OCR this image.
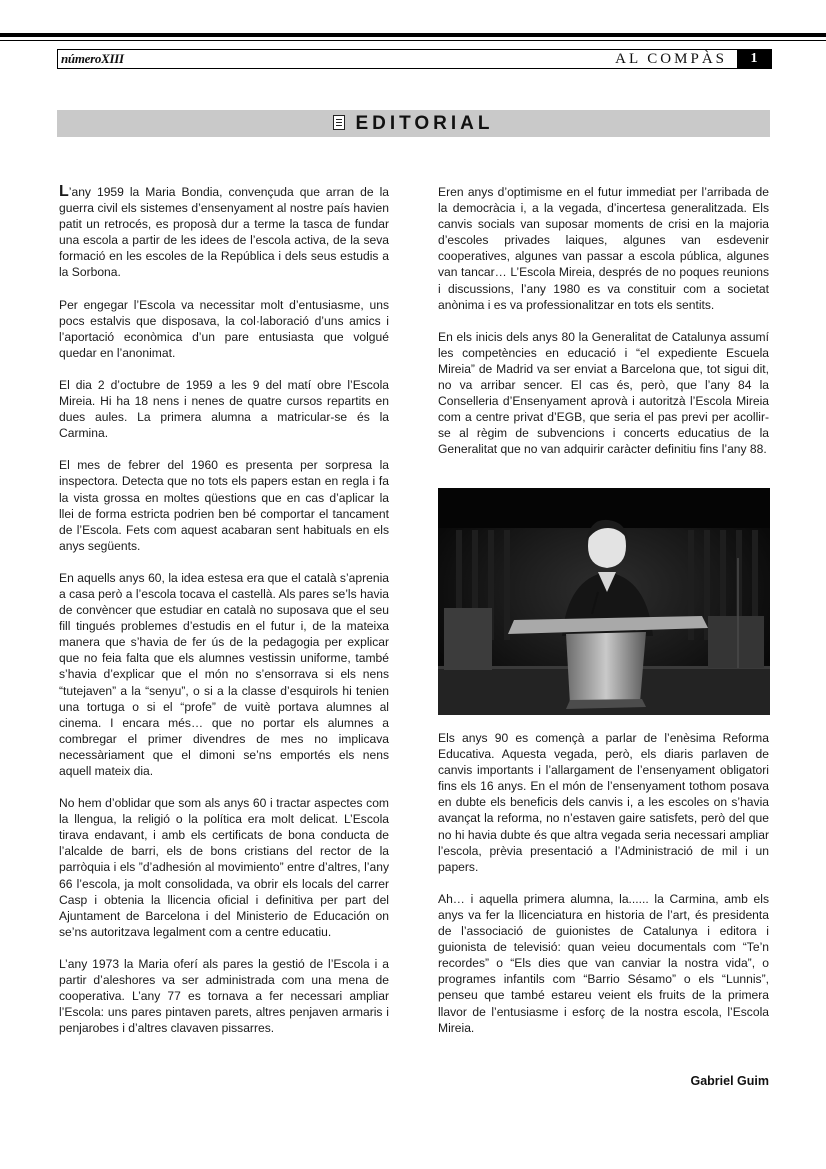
númeroXIII	AL COMPÀS	1
EDITORIAL

L’any 1959 la Maria Bondia, convençuda que arran de la guerra civil els sistemes d’ensenyament al nostre país havien patit un retrocés, es proposà dur a terme la tasca de fundar una escola a partir de les idees de l’escola activa, de la seva formació en les escoles de la República i dels seus estudis a la Sorbona.

Per engegar l’Escola va necessitar molt d’entusiasme, uns pocs estalvis que disposava, la col·laboració d’uns amics i l’aportació econòmica d’un pare entusiasta que volgué quedar en l’anonimat.

El dia 2 d’octubre de 1959 a les 9 del matí obre l’Escola Mireia. Hi ha 18 nens i nenes de quatre cursos repartits en dues aules. La primera alumna a matricular-se és la Carmina.

El mes de febrer del 1960 es presenta per sorpresa la inspectora. Detecta que no tots els papers estan en regla i fa la vista grossa en moltes qüestions que en cas d’aplicar la llei de forma estricta podrien ben bé comportar el tancament de l’Escola. Fets com aquest acabaran sent habituals en els anys següents.

En aquells anys 60, la idea estesa era que el català s’aprenia a casa però a l’escola tocava el castellà. Als pares se’ls havia de convèncer que estudiar en català no suposava que el seu fill tingués problemes d’estudis en el futur i, de la mateixa manera que s’havia de fer ús de la pedagogia per explicar que no feia falta que els alumnes vestissin uniforme, també s’havia d’explicar que el món no s’ensorrava si els nens “tutejaven” a la “senyu”, o si a la classe d’esquirols hi tenien una tortuga o si el “profe” de vuitè portava alumnes al cinema. I encara més… que no portar els alumnes a combregar el primer divendres de mes no implicava necessàriament que el dimoni se’ns emportés els nens aquell mateix dia.

No hem d’oblidar que som als anys 60 i tractar aspectes com la llengua, la religió o la política era molt delicat. L’Escola tirava endavant, i amb els certificats de bona conducta de l’alcalde de barri, els de bons cristians del rector de la parròquia i els ”d’adhesión al movimiento” entre d’altres, l’any 66 l’escola, ja molt consolidada, va obrir els locals del carrer Casp i obtenia la llicencia oficial i definitiva per part del Ajuntament de Barcelona i del Ministerio de Educación on se’ns autoritzava legalment com a centre educatiu.

L’any 1973 la Maria oferí als pares la gestió de l’Escola i a partir d’aleshores va ser administrada com una mena de cooperativa. L’any 77 es tornava a fer necessari ampliar l’Escola: uns pares pintaven parets, altres penjaven armaris i penjarobes i d’altres clavaven pissarres.

Eren anys d’optimisme en el futur immediat per l’arribada de la democràcia i, a la vegada, d’incertesa generalitzada. Els canvis socials van suposar moments de crisi en la majoria d’escoles privades laiques, algunes van esdevenir cooperatives, algunes van passar a escola pública, algunes van tancar… L’Escola Mireia, després de no poques reunions i discussions, l’any 1980 es va constituir com a societat anònima i es va professionalitzar en tots els sentits.

En els inicis dels anys 80 la Generalitat de Catalunya assumí les competències en educació i “el expediente Escuela Mireia” de Madrid va ser enviat a Barcelona que, tot sigui dit, no va arribar sencer. El cas és, però, que l’any 84 la Conselleria d’Ensenyament aprovà i autoritzà l’Escola Mireia com a centre privat d’EGB, que seria el pas previ per acollir-se al règim de subvencions i concerts educatius de la Generalitat que no van adquirir caràcter definitiu fins l’any 88.

Els anys 90 es començà a parlar de l’enèsima Reforma Educativa. Aquesta vegada, però, els diaris parlaven de canvis importants i l’allargament de l’ensenyament obligatori fins els 16 anys. En el món de l’ensenyament tothom posava en dubte els beneficis dels canvis i, a les escoles on s’havia avançat la reforma, no n’estaven gaire satisfets, però del que no hi havia dubte és que altra vegada seria necessari ampliar l’escola, prèvia presentació a l’Administració de mil i un papers.

Ah… i aquella primera alumna, la...... la Carmina, amb els anys va fer la llicenciatura en historia de l’art, és presidenta de l’associació de guionistes de Catalunya i editora i guionista de televisió: quan veieu documentals com “Te’n recordes” o “Els dies que van canviar la nostra vida”, o programes infantils com “Barrio Sésamo” o els “Lunnis”, penseu que també estareu veient els fruits de la primera llavor de l’entusiasme i esforç de la nostra escola, l’Escola Mireia.

Gabriel Guim
